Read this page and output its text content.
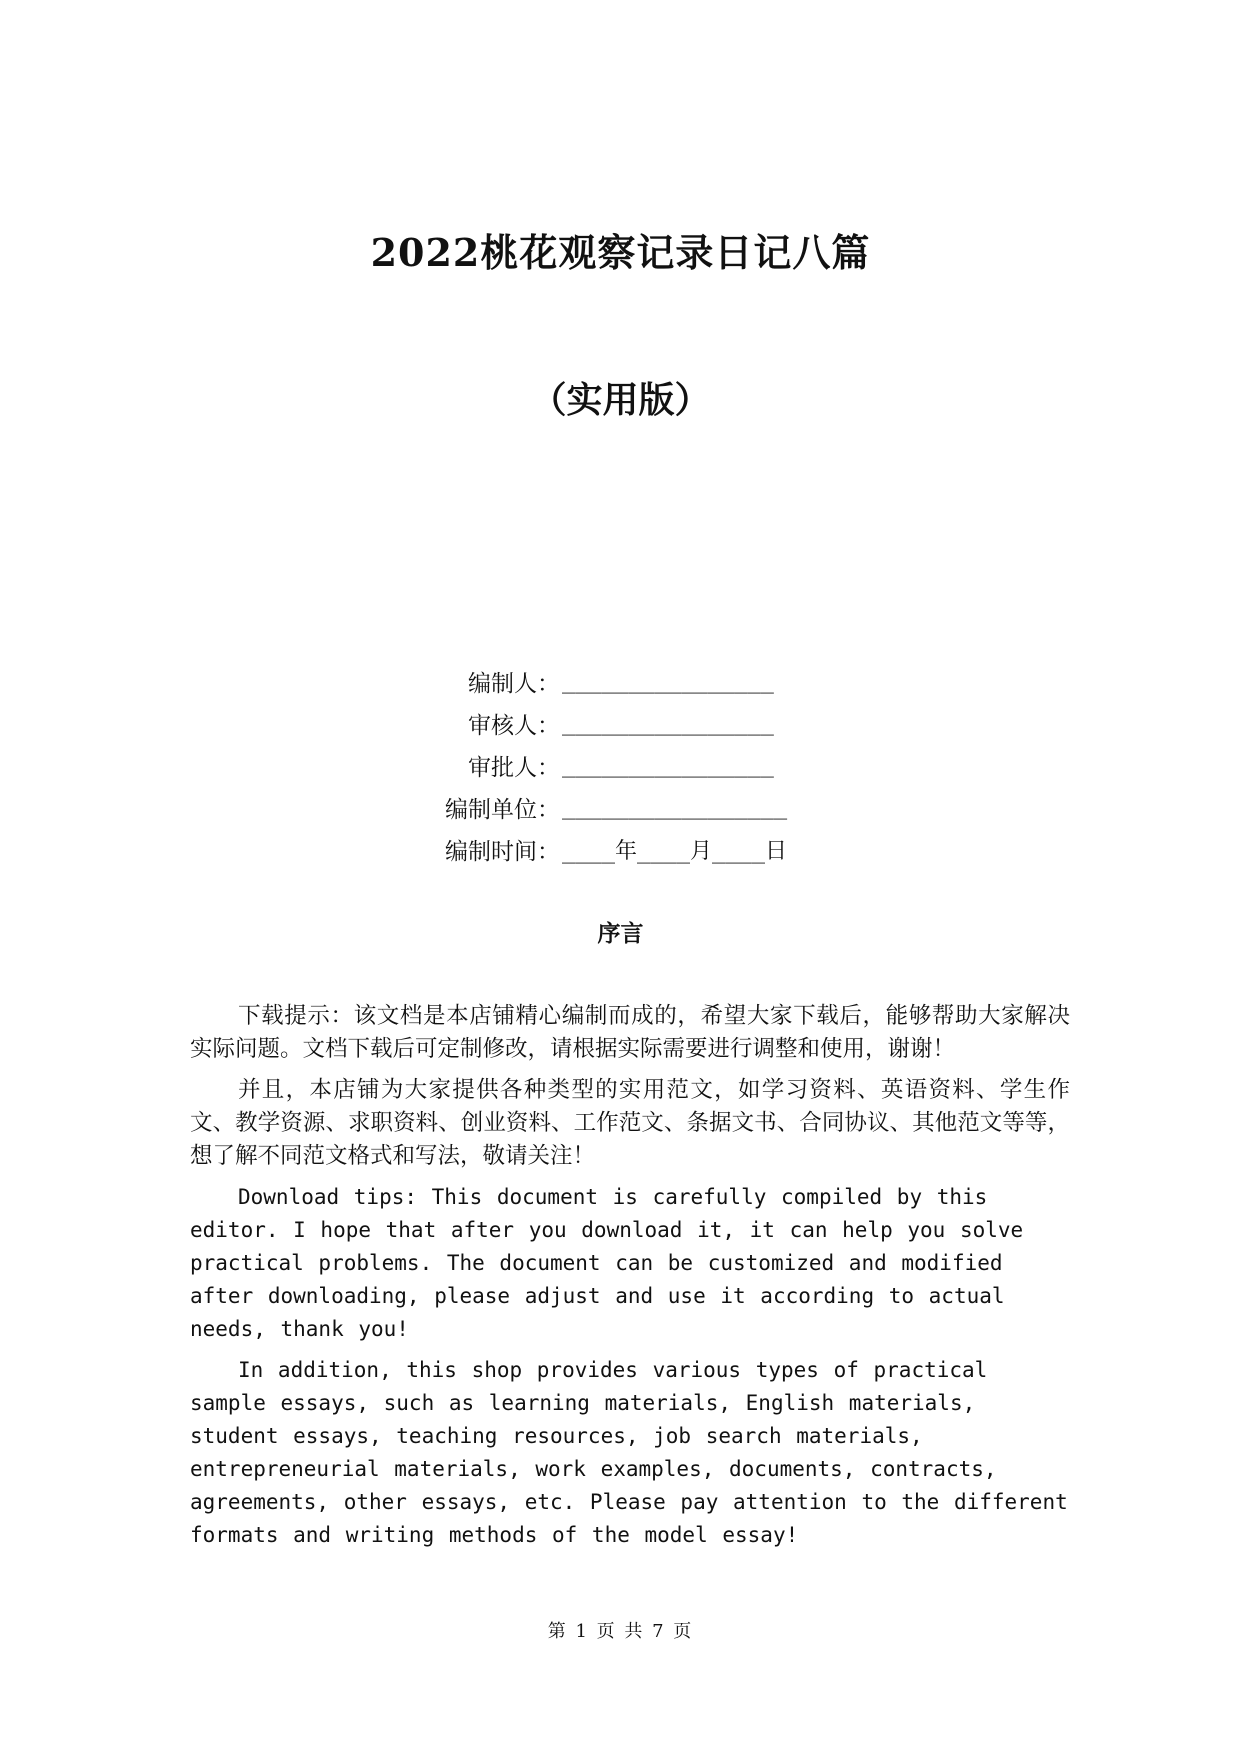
2022桃花观察记录日记八篇
（实用版）
编制人： ________________
审核人： ________________
审批人： ________________
编制单位： _________________
编制时间： ____年____月____日
序言

下载提示：该文档是本店铺精心编制而成的，希望大家下载后，能够帮助大家解决实际问题。文档下载后可定制修改，请根据实际需要进行调整和使用，谢谢！

并且，本店铺为大家提供各种类型的实用范文，如学习资料、英语资料、学生作文、教学资源、求职资料、创业资料、工作范文、条据文书、合同协议、其他范文等等，想了解不同范文格式和写法，敬请关注！

Download tips: This document is carefully compiled by this editor. I hope that after you download it, it can help you solve practical problems. The document can be customized and modified after downloading, please adjust and use it according to actual needs, thank you!

In addition, this shop provides various types of practical sample essays, such as learning materials, English materials, student essays, teaching resources, job search materials, entrepreneurial materials, work examples, documents, contracts, agreements, other essays, etc. Please pay attention to the different formats and writing methods of the model essay!

第 1 页 共 7 页
